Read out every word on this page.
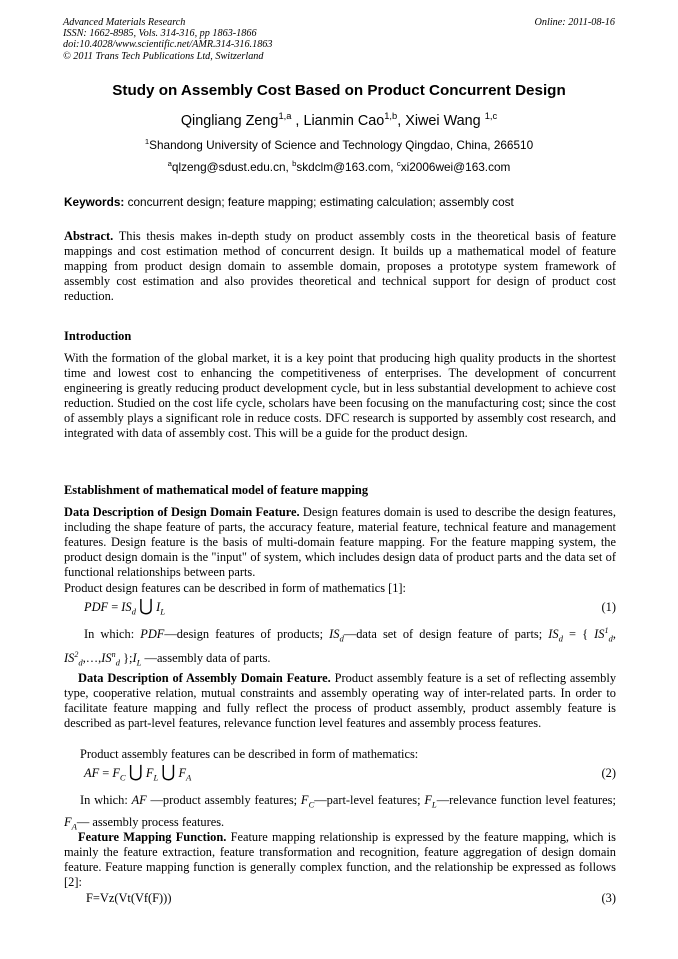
Advanced Materials Research
ISSN: 1662-8985, Vols. 314-316, pp 1863-1866
doi:10.4028/www.scientific.net/AMR.314-316.1863
© 2011 Trans Tech Publications Ltd, Switzerland
Online: 2011-08-16
Study on Assembly Cost Based on Product Concurrent Design
Qingliang Zeng$^{1,a}$ , Lianmin Cao$^{1,b}$, Xiwei Wang $^{1,c}$
$^1$Shandong University of Science and Technology Qingdao, China, 266510
$^a$qlzeng@sdust.edu.cn, $^b$skdclm@163.com, $^c$xi2006wei@163.com
Keywords: concurrent design; feature mapping; estimating calculation; assembly cost
Abstract. This thesis makes in-depth study on product assembly costs in the theoretical basis of feature mappings and cost estimation method of concurrent design. It builds up a mathematical model of feature mapping from product design domain to assemble domain, proposes a prototype system framework of assembly cost estimation and also provides theoretical and technical support for design of product cost reduction.
Introduction
With the formation of the global market, it is a key point that producing high quality products in the shortest time and lowest cost to enhancing the competitiveness of enterprises. The development of concurrent engineering is greatly reducing product development cycle, but in less substantial development to achieve cost reduction. Studied on the cost life cycle, scholars have been focusing on the manufacturing cost; since the cost of assembly plays a significant role in reduce costs. DFC research is supported by assembly cost research, and integrated with data of assembly cost. This will be a guide for the product design.
Establishment of mathematical model of feature mapping
Data Description of Design Domain Feature. Design features domain is used to describe the design features, including the shape feature of parts, the accuracy feature, material feature, technical feature and management features. Design feature is the basis of multi-domain feature mapping. For the feature mapping system, the product design domain is the "input" of system, which includes design data of product parts and the data set of functional relationships between parts.
Product design features can be described in form of mathematics [1]:
PDF = $IS_d$ ⋃ $I_L$	(1)
In which: PDF—design features of products; $IS_d—data$ set of design feature of parts; $IS_d$ = { $IS^1_d$, $IS^2_d,\dots,IS^n_d$ }$;I_L$ —assembly data of parts.
Data Description of Assembly Domain Feature. Product assembly feature is a set of reflecting assembly type, cooperative relation, mutual constraints and assembly operating way of inter-related parts. In order to facilitate feature mapping and fully reflect the process of product assembly, product assembly feature is described as part-level features, relevance function level features and assembly process features.
Product assembly features can be described in form of mathematics:
AF = $F_C$ ⋃ $F_L$ ⋃ $F_A$	(2)
In which: AF —product assembly features; $F_C—part$-level features; $F_L—relevance$ function level features; $F_A—$ assembly process features.
Feature Mapping Function. Feature mapping relationship is expressed by the feature mapping, which is mainly the feature extraction, feature transformation and recognition, feature aggregation of design domain feature. Feature mapping function is generally complex function, and the relationship be expressed as follows [2]:
F=Vz(Vt(Vf(F)))	(3)
